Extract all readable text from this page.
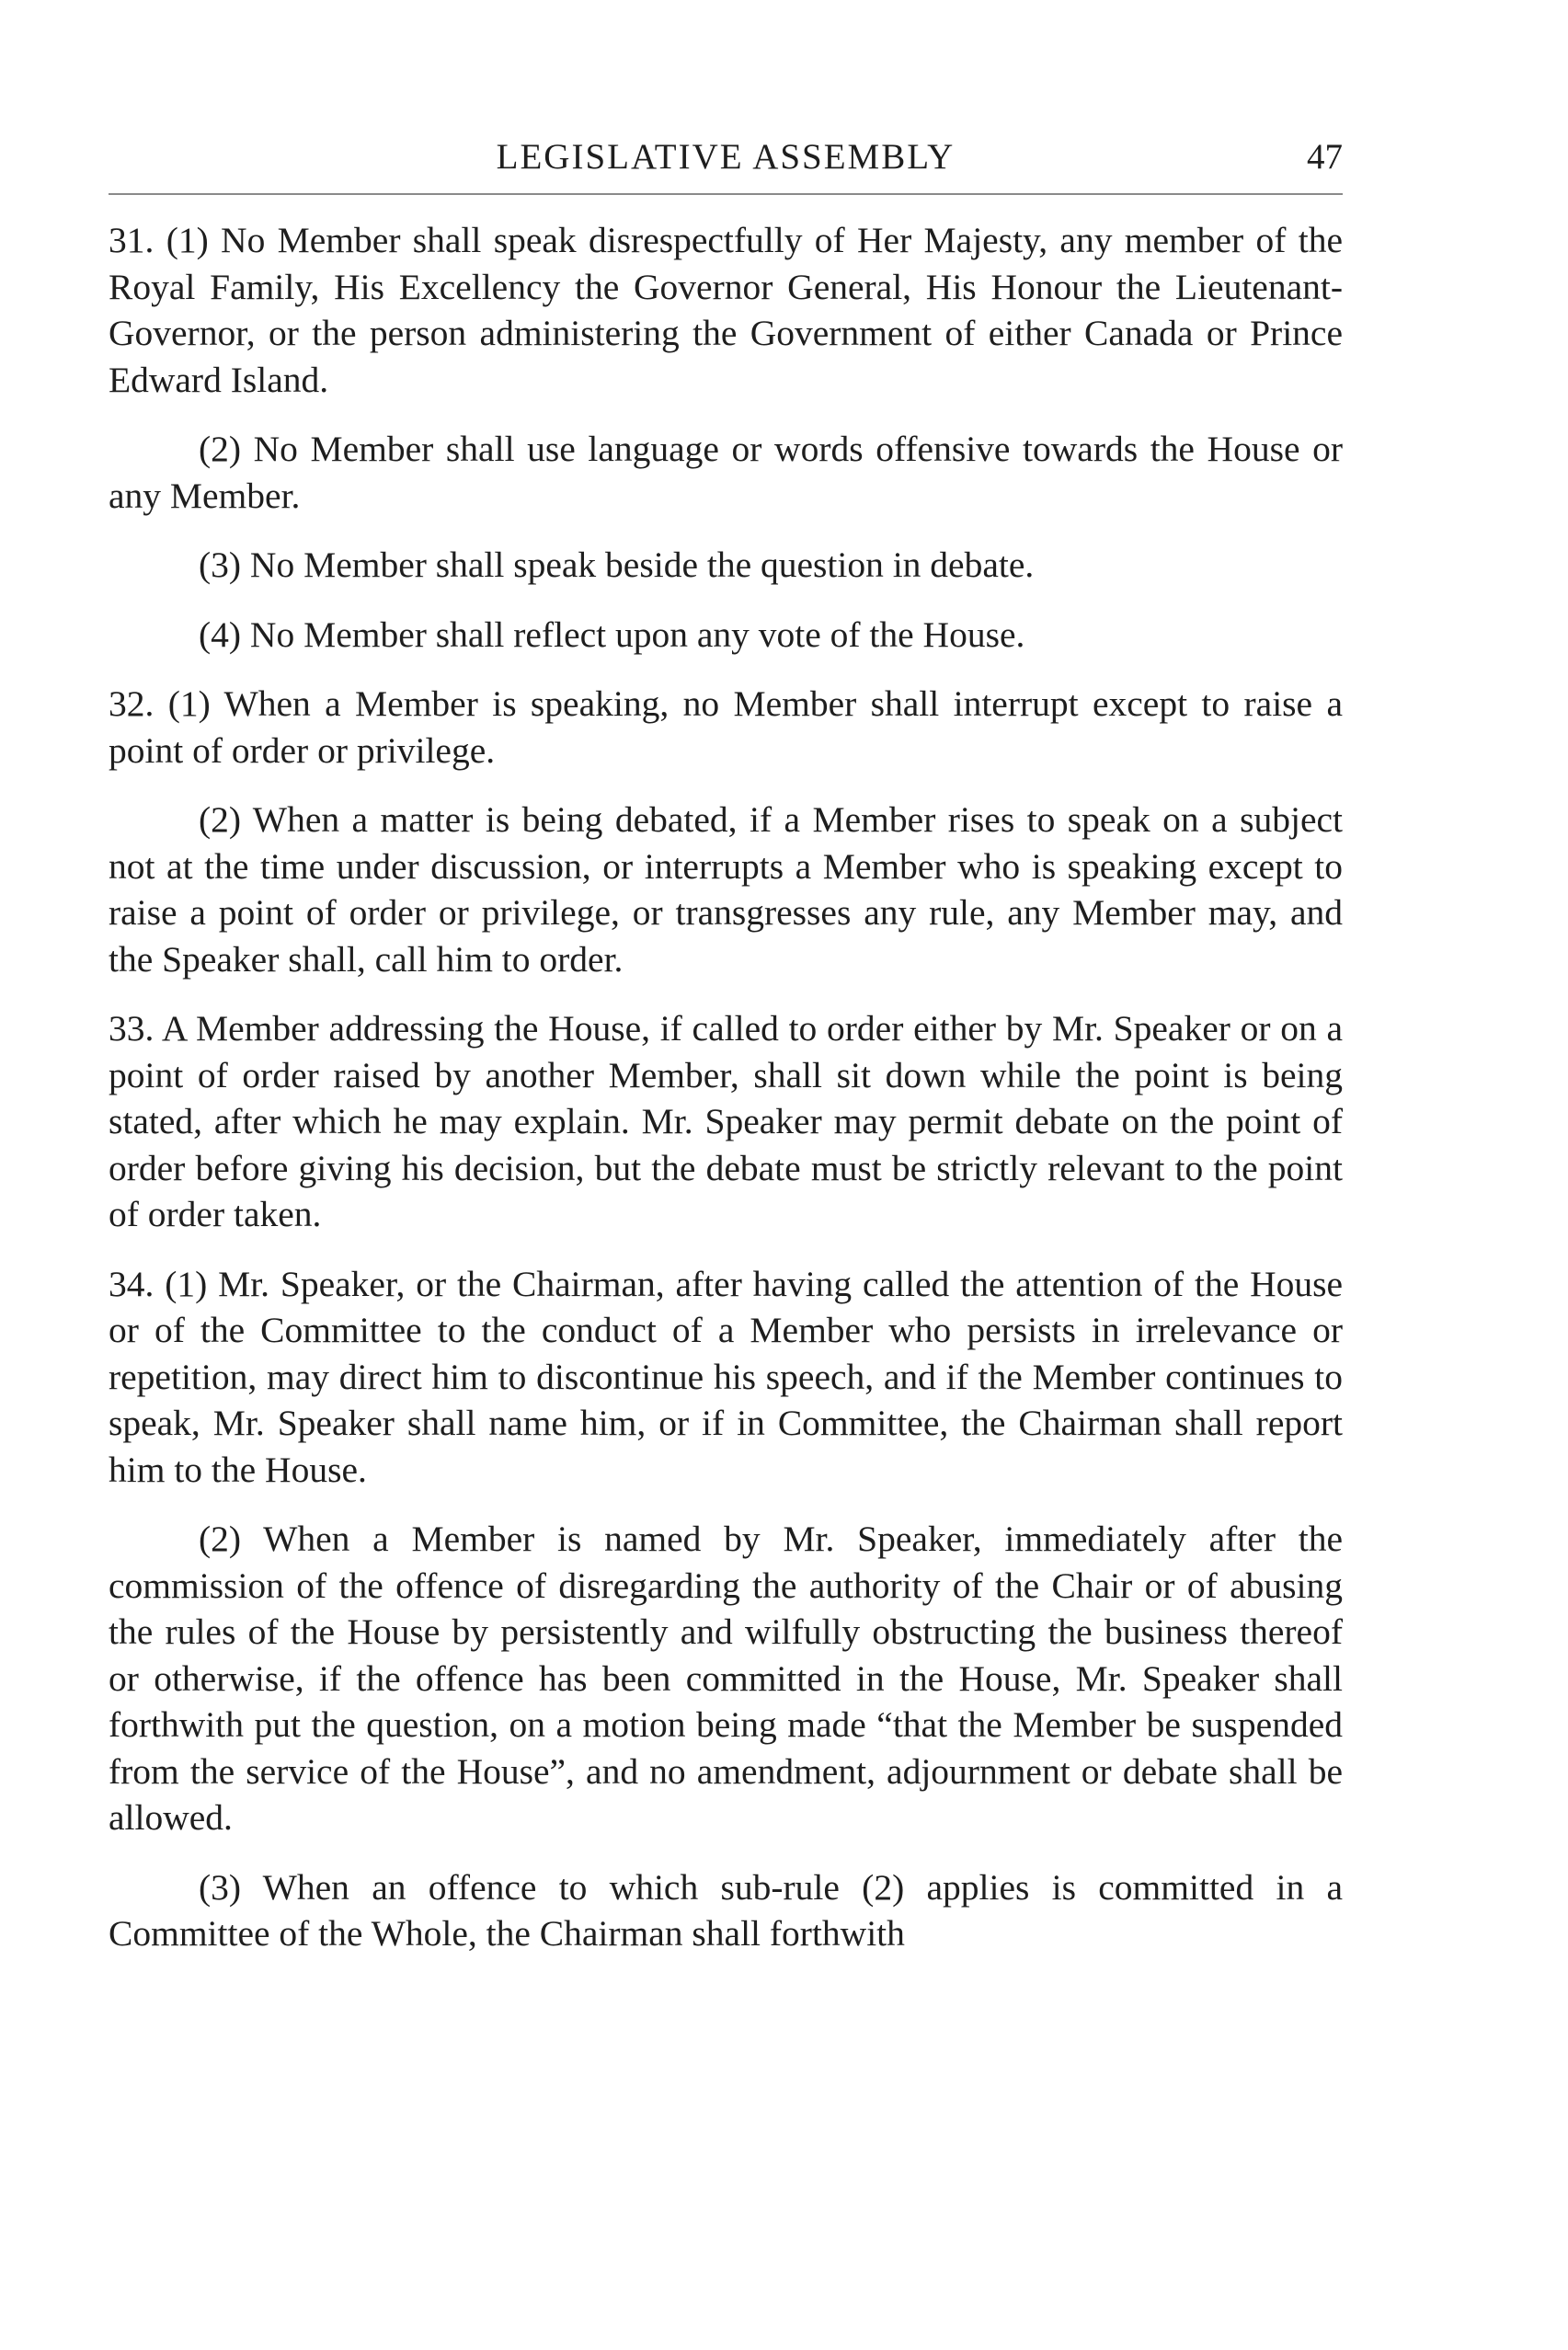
LEGISLATIVE ASSEMBLY	47

31. (1) No Member shall speak disrespectfully of Her Majesty, any member of the Royal Family, His Excellency the Governor General, His Honour the Lieutenant-Governor, or the person administering the Government of either Canada or Prince Edward Island.

(2) No Member shall use language or words offensive towards the House or any Member.

(3) No Member shall speak beside the question in debate.

(4) No Member shall reflect upon any vote of the House.

32. (1) When a Member is speaking, no Member shall interrupt except to raise a point of order or privilege.

(2) When a matter is being debated, if a Member rises to speak on a subject not at the time under discussion, or interrupts a Member who is speaking except to raise a point of order or privilege, or transgresses any rule, any Member may, and the Speaker shall, call him to order.

33. A Member addressing the House, if called to order either by Mr. Speaker or on a point of order raised by another Member, shall sit down while the point is being stated, after which he may explain. Mr. Speaker may permit debate on the point of order before giving his decision, but the debate must be strictly relevant to the point of order taken.

34. (1) Mr. Speaker, or the Chairman, after having called the attention of the House or of the Committee to the conduct of a Member who persists in irrelevance or repetition, may direct him to discontinue his speech, and if the Member continues to speak, Mr. Speaker shall name him, or if in Committee, the Chairman shall report him to the House.

(2) When a Member is named by Mr. Speaker, immediately after the commission of the offence of disregarding the authority of the Chair or of abusing the rules of the House by persistently and wilfully obstructing the business thereof or otherwise, if the offence has been committed in the House, Mr. Speaker shall forthwith put the question, on a motion being made “that the Member be suspended from the service of the House”, and no amendment, adjournment or debate shall be allowed.

(3) When an offence to which sub-rule (2) applies is committed in a Committee of the Whole, the Chairman shall forthwith
